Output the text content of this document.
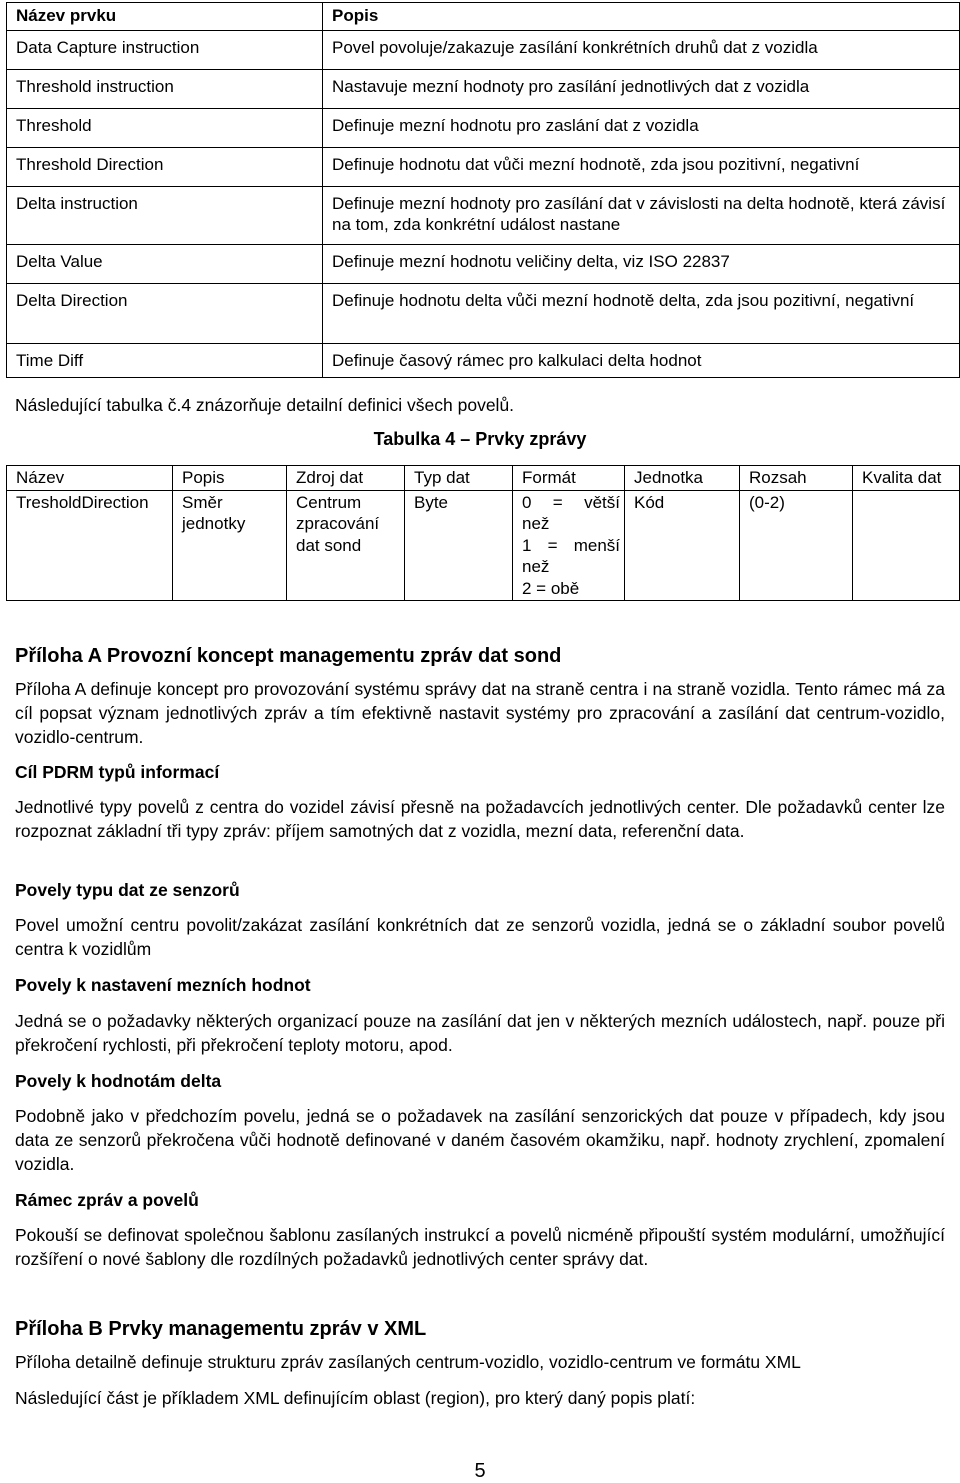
Název prvku	Popis
Data Capture instruction	Povel povoluje/zakazuje zasílání konkrétních druhů dat z vozidla
Threshold instruction	Nastavuje mezní hodnoty pro zasílání jednotlivých dat z vozidla
Threshold	Definuje mezní hodnotu pro zaslání dat z vozidla
Threshold Direction	Definuje hodnotu dat vůči mezní hodnotě, zda jsou pozitivní, negativní
Delta instruction	Definuje mezní hodnoty pro zasílání dat v závislosti na delta hodnotě, která závisí na tom, zda konkrétní událost nastane
Delta Value	Definuje mezní hodnotu veličiny delta, viz ISO 22837
Delta Direction	Definuje hodnotu delta vůči mezní hodnotě delta, zda jsou pozitivní, negativní
Time Diff	Definuje časový rámec pro kalkulaci delta hodnot

Následující tabulka č.4 znázorňuje detailní definici všech povelů.

Tabulka 4 – Prvky zprávy
Název	Popis	Zdroj dat	Typ dat	Formát	Jednotka	Rozsah	Kvalita dat
TresholdDirection	Směr jednotky	Centrum zpracování dat sond	Byte	0 = větší
než
1 = menší
než
2 = obě	Kód	(0-2)	
Příloha A Provozní koncept managementu zpráv dat sond

Příloha A definuje koncept pro provozování systému správy dat na straně centra i na straně vozidla. Tento rámec má za cíl popsat význam jednotlivých zpráv a tím efektivně nastavit systémy pro zpracování a zasílání dat centrum-vozidlo, vozidlo-centrum.

Cíl PDRM typů informací

Jednotlivé typy povelů z centra do vozidel závisí přesně na požadavcích jednotlivých center. Dle požadavků center lze rozpoznat základní tři typy zpráv: příjem samotných dat z vozidla, mezní data, referenční data.

Povely typu dat ze senzorů

Povel umožní centru povolit/zakázat zasílání konkrétních dat ze senzorů vozidla, jedná se o základní soubor povelů centra k vozidlům

Povely k nastavení mezních hodnot

Jedná se o požadavky některých organizací pouze na zasílání dat jen v některých mezních událostech, např. pouze při překročení rychlosti, při překročení teploty motoru, apod.

Povely k hodnotám delta

Podobně jako v předchozím povelu, jedná se o požadavek na zasílání senzorických dat pouze v případech, kdy jsou data ze senzorů překročena vůči hodnotě definované v daném časovém okamžiku, např. hodnoty zrychlení, zpomalení vozidla.

Rámec zpráv a povelů

Pokouší se definovat společnou šablonu zasílaných instrukcí a povelů nicméně připouští systém modulární, umožňující rozšíření o nové šablony dle rozdílných požadavků jednotlivých center správy dat.

Příloha B Prvky managementu zpráv v XML

Příloha detailně definuje strukturu zpráv zasílaných centrum-vozidlo, vozidlo-centrum ve formátu XML

Následující část je příkladem XML definujícím oblast (region), pro který daný popis platí:

5
